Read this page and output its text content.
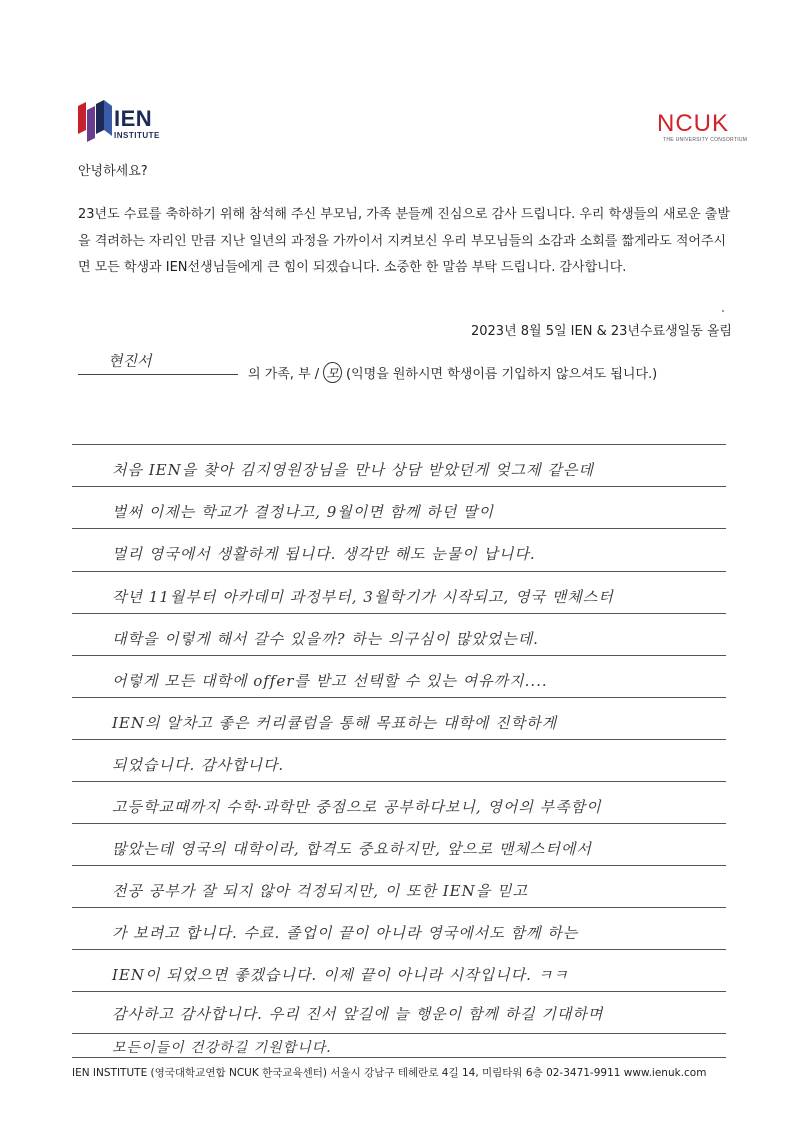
IEN
INSTITUTE	NCUK
THE UNIVERSITY CONSORTIUM
안녕하세요?
23년도 수료를 축하하기 위해 참석해 주신 부모님, 가족 분들께 진심으로 감사 드립니다. 우리 학생들의 새로운 출발을 격려하는 자리인 만큼 지난 일년의 과정을 가까이서 지켜보신 우리 부모님들의 소감과 소회를 짧게라도 적어주시면 모든 학생과 IEN선생님들에게 큰 힘이 되겠습니다. 소중한 한 말씀 부탁 드립니다. 감사합니다.
2023년 8월 5일 IEN & 23년수료생일동 올림
현진서
의 가족, 부 / 모 (익명을 원하시면 학생이름 기입하지 않으셔도 됩니다.)
처음 IEN을 찾아 김지영원장님을 만나 상담 받았던게 엊그제 같은데
벌써 이제는 학교가 결정나고, 9월이면 함께 하던 딸이
멀리 영국에서 생활하게 됩니다. 생각만 해도 눈물이 납니다.
작년 11월부터 아카데미 과정부터, 3월학기가 시작되고, 영국 맨체스터
대학을 이렇게 해서 갈수 있을까? 하는 의구심이 많았었는데.
어렇게 모든 대학에 offer를 받고 선택할 수 있는 여유까지....
IEN의 알차고 좋은 커리큘럼을 통해 목표하는 대학에 진학하게
되었습니다. 감사합니다.
고등학교때까지 수학·과학만 중점으로 공부하다보니, 영어의 부족함이
많았는데 영국의 대학이라, 합격도 중요하지만, 앞으로 맨체스터에서
전공 공부가 잘 되지 않아 걱정되지만, 이 또한 IEN을 믿고
가 보려고 합니다. 수료. 졸업이 끝이 아니라 영국에서도 함께 하는
IEN이 되었으면 좋겠습니다. 이제 끝이 아니라 시작입니다. ㅋㅋ
감사하고 감사합니다. 우리 진서 앞길에 늘 행운이 함께 하길 기대하며
모든이들이 건강하길 기원합니다.
IEN INSTITUTE (영국대학교연합 NCUK 한국교육센터) 서울시 강남구 테헤란로 4길 14, 미림타워 6층 02-3471-9911 www.ienuk.com
